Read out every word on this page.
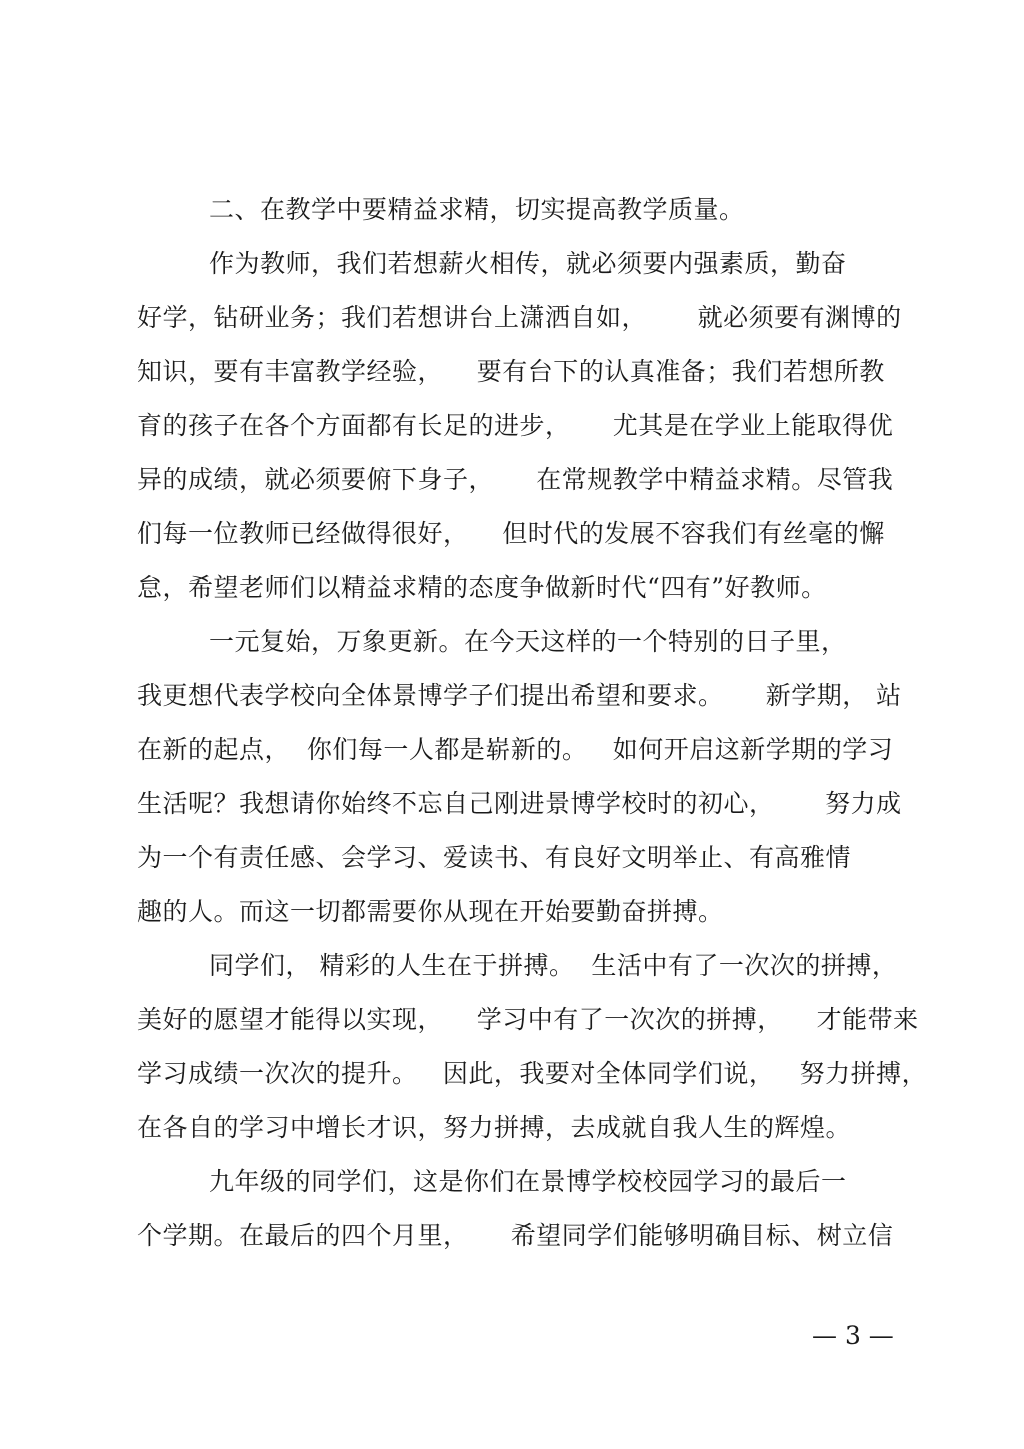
二、在教学中要精益求精，切实提高教学质量。
作为教师，我们若想薪火相传，就必须要内强素质，勤奋
好学，钻研业务；我们若想讲台上潇洒自如，      就必须要有渊博的
知识，要有丰富教学经验，    要有台下的认真准备；我们若想所教
育的孩子在各个方面都有长足的进步，     尤其是在学业上能取得优
异的成绩，就必须要俯下身子，     在常规教学中精益求精。尽管我
们每一位教师已经做得很好，    但时代的发展不容我们有丝毫的懈
怠，希望老师们以精益求精的态度争做新时代“四有”好教师。
一元复始，万象更新。在今天这样的一个特别的日子里，
我更想代表学校向全体景博学子们提出希望和要求。     新学期， 站
在新的起点，  你们每一人都是崭新的。   如何开启这新学期的学习
生活呢？我想请你始终不忘自己刚进景博学校时的初心，      努力成
为一个有责任感、会学习、爱读书、有良好文明举止、有高雅情
趣的人。而这一切都需要你从现在开始要勤奋拼搏。
同学们， 精彩的人生在于拼搏。  生活中有了一次次的拼搏，
美好的愿望才能得以实现，    学习中有了一次次的拼搏，    才能带来
学习成绩一次次的提升。   因此，我要对全体同学们说，   努力拼搏，
在各自的学习中增长才识，努力拼搏，去成就自我人生的辉煌。
九年级的同学们，这是你们在景博学校校园学习的最后一
个学期。在最后的四个月里，     希望同学们能够明确目标、树立信
— 3 —
